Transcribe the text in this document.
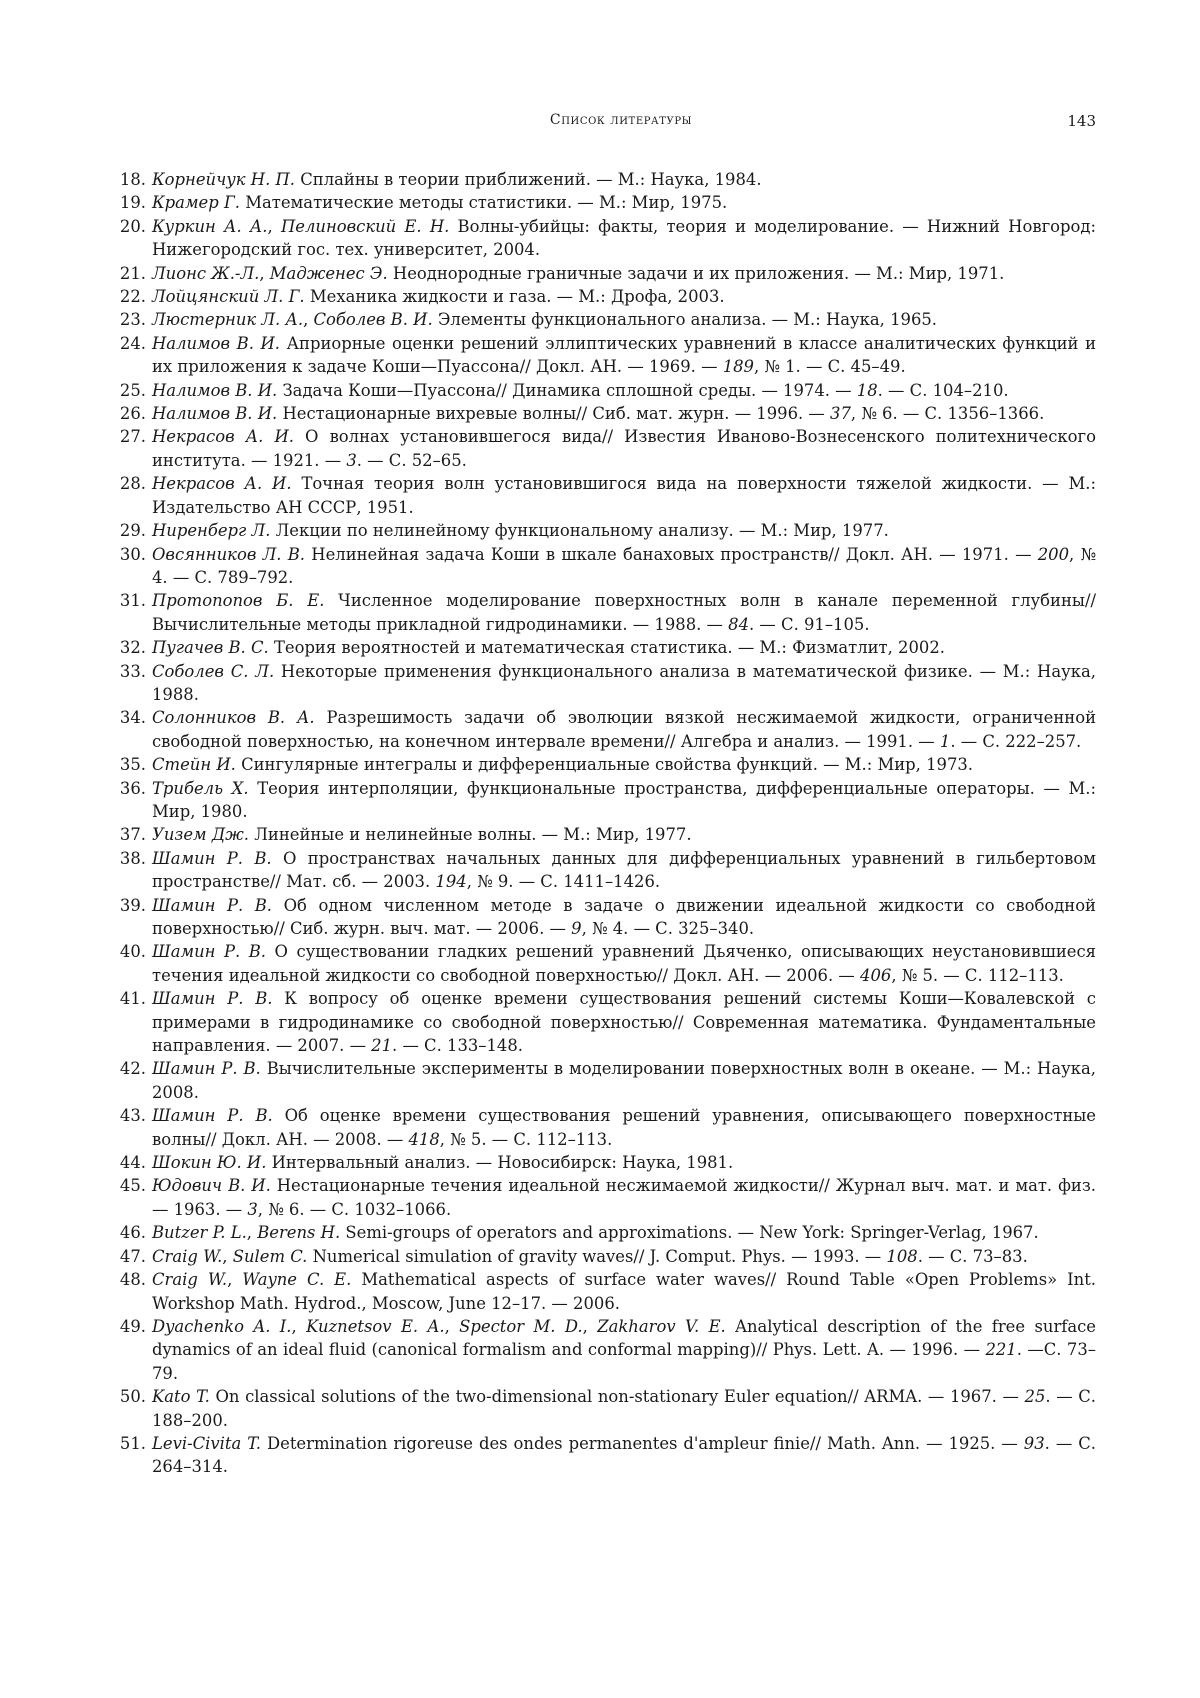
Список литературы	143
18. Корнейчук Н. П. Сплайны в теории приближений. — М.: Наука, 1984.
19. Крамер Г. Математические методы статистики. — М.: Мир, 1975.
20. Куркин А. А., Пелиновский Е. Н. Волны-убийцы: факты, теория и моделирование. — Нижний Новгород: Нижегородский гос. тех. университет, 2004.
21. Лионс Ж.-Л., Мадженес Э. Неоднородные граничные задачи и их приложения. — М.: Мир, 1971.
22. Лойцянский Л. Г. Механика жидкости и газа. — М.: Дрофа, 2003.
23. Люстерник Л. А., Соболев В. И. Элементы функционального анализа. — М.: Наука, 1965.
24. Налимов В. И. Априорные оценки решений эллиптических уравнений в классе аналитических функций и их приложения к задаче Коши—Пуассона// Докл. АН. — 1969. — 189, № 1. — С. 45–49.
25. Налимов В. И. Задача Коши—Пуассона// Динамика сплошной среды. — 1974. — 18. — С. 104–210.
26. Налимов В. И. Нестационарные вихревые волны// Сиб. мат. журн. — 1996. — 37, № 6. — С. 1356–1366.
27. Некрасов А. И. О волнах установившегося вида// Известия Иваново-Вознесенского политехнического института. — 1921. — 3. — С. 52–65.
28. Некрасов А. И. Точная теория волн установившигося вида на поверхности тяжелой жидкости. — М.: Издательство АН СССР, 1951.
29. Ниренберг Л. Лекции по нелинейному функциональному анализу. — М.: Мир, 1977.
30. Овсянников Л. В. Нелинейная задача Коши в шкале банаховых пространств// Докл. АН. — 1971. — 200, № 4. — С. 789–792.
31. Протопопов Б. Е. Численное моделирование поверхностных волн в канале переменной глубины// Вычислительные методы прикладной гидродинамики. — 1988. — 84. — С. 91–105.
32. Пугачев В. С. Теория вероятностей и математическая статистика. — М.: Физматлит, 2002.
33. Соболев С. Л. Некоторые применения функционального анализа в математической физике. — М.: Наука, 1988.
34. Солонников В. А. Разрешимость задачи об эволюции вязкой несжимаемой жидкости, ограниченной свободной поверхностью, на конечном интервале времени// Алгебра и анализ. — 1991. — 1. — С. 222–257.
35. Стейн И. Сингулярные интегралы и дифференциальные свойства функций. — М.: Мир, 1973.
36. Трибель Х. Теория интерполяции, функциональные пространства, дифференциальные операторы. — М.: Мир, 1980.
37. Уизем Дж. Линейные и нелинейные волны. — М.: Мир, 1977.
38. Шамин Р. В. О пространствах начальных данных для дифференциальных уравнений в гильбертовом пространстве// Мат. сб. — 2003. 194, № 9. — С. 1411–1426.
39. Шамин Р. В. Об одном численном методе в задаче о движении идеальной жидкости со свободной поверхностью// Сиб. журн. выч. мат. — 2006. — 9, № 4. — С. 325–340.
40. Шамин Р. В. О существовании гладких решений уравнений Дьяченко, описывающих неустановившиеся течения идеальной жидкости со свободной поверхностью// Докл. АН. — 2006. — 406, № 5. — С. 112–113.
41. Шамин Р. В. К вопросу об оценке времени существования решений системы Коши—Ковалевской с примерами в гидродинамике со свободной поверхностью// Современная математика. Фундаментальные направления. — 2007. — 21. — С. 133–148.
42. Шамин Р. В. Вычислительные эксперименты в моделировании поверхностных волн в океане. — М.: Наука, 2008.
43. Шамин Р. В. Об оценке времени существования решений уравнения, описывающего поверхностные волны// Докл. АН. — 2008. — 418, № 5. — С. 112–113.
44. Шокин Ю. И. Интервальный анализ. — Новосибирск: Наука, 1981.
45. Юдович В. И. Нестационарные течения идеальной несжимаемой жидкости// Журнал выч. мат. и мат. физ. — 1963. — 3, № 6. — С. 1032–1066.
46. Butzer P. L., Berens H. Semi-groups of operators and approximations. — New York: Springer-Verlag, 1967.
47. Craig W., Sulem C. Numerical simulation of gravity waves// J. Comput. Phys. — 1993. — 108. — С. 73–83.
48. Craig W., Wayne C. E. Mathematical aspects of surface water waves// Round Table «Open Problems» Int. Workshop Math. Hydrod., Moscow, June 12–17. — 2006.
49. Dyachenko A. I., Kuznetsov E. A., Spector M. D., Zakharov V. E. Analytical description of the free surface dynamics of an ideal fluid (canonical formalism and conformal mapping)// Phys. Lett. A. — 1996. — 221. —С. 73–79.
50. Kato T. On classical solutions of the two-dimensional non-stationary Euler equation// ARMA. — 1967. — 25. — С. 188–200.
51. Levi-Civita T. Determination rigoreuse des ondes permanentes d'ampleur finie// Math. Ann. — 1925. — 93. — С. 264–314.
